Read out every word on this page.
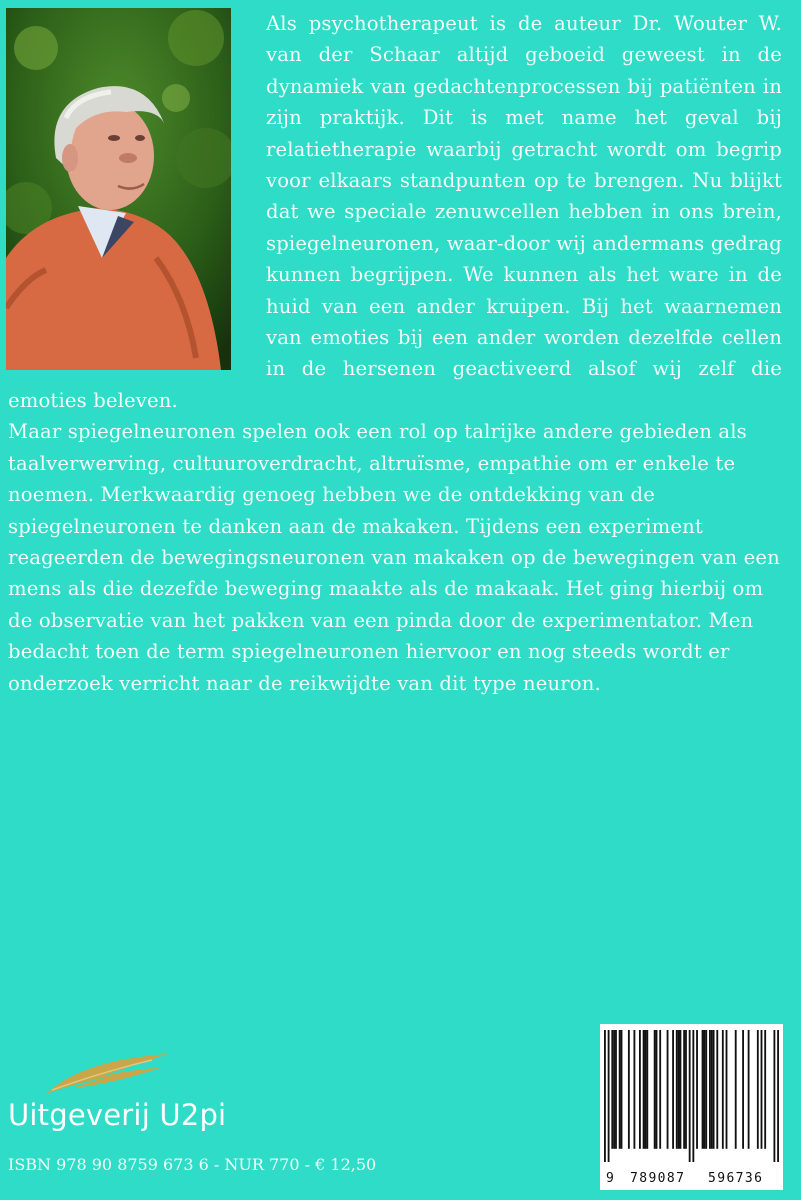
Als psychotherapeut is de auteur Dr. Wouter W. van der Schaar altijd geboeid geweest in de dynamiek van gedachtenprocessen bij patiënten in zijn praktijk. Dit is met name het geval bij relatietherapie waarbij getracht wordt om begrip voor elkaars standpunten op te brengen. Nu blijkt dat we speciale zenuwcellen hebben in ons brein, spiegelneuronen, waar-door wij andermans gedrag kunnen begrijpen. We kunnen als het ware in de huid van een ander kruipen. Bij het waarnemen van emoties bij een ander worden dezelfde cellen in de hersenen geactiveerd alsof wij zelf die emoties beleven.

Maar spiegelneuronen spelen ook een rol op talrijke andere gebieden als taalverwerving, cultuuroverdracht, altruïsme, empathie om er enkele te noemen. Merkwaardig genoeg hebben we de ontdekking van de spiegelneuronen te danken aan de makaken. Tijdens een experiment reageerden de bewegingsneuronen van makaken op de bewegingen van een mens als die dezefde beweging maakte als de makaak. Het ging hierbij om de observatie van het pakken van een pinda door de experimentator. Men bedacht toen de term spiegelneuronen hiervoor en nog steeds wordt er onderzoek verricht naar de reikwijdte van dit type neuron.

Uitgeverij U2pi
ISBN 978 90 8759 673 6 - NUR 770 - € 12,50
9 789087 596736
